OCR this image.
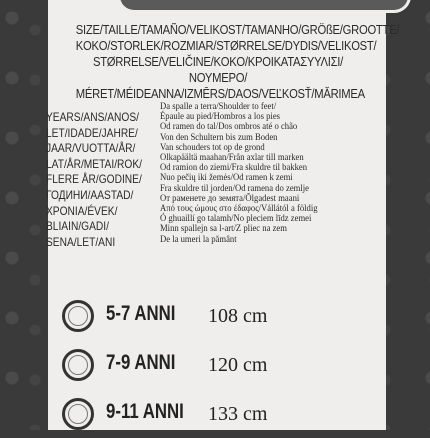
SIZE/TAILLE/TAMAÑO/VELIKOST/TAMANHO/GRÖßE/GROOTTE/
KOKO/STORLEK/ROZMIAR/STØRRELSE/DYDIS/VELIKOST/
STØRRELSE/VELIČINE/KOKO/ΚΡΟΙΚΑΤΑΣΥΥΛΙΣΙ/ΝΟΥΜΕΡΟ/
MÉRET/MÉIDEANNA/IZMĒRS/DAOS/VEĽKOSŤ/MĂRIMEA
YEARS/ANS/ANOS/
LET/IDADE/JAHRE/
JAAR/VUOTTA/ÅR/
LAT/ÅR/METAI/ROK/
FLERE ÅR/GODINE/
ГОДИНИ/AASTAD/
ΧΡΟΝΙΑ/ÉVEK/
BLIAIN/GADI/
SENA/LET/ANI
Da spalle a terra/Shoulder to feet/
Épaule au pied/Hombros a los pies
Od ramen do tal/Dos ombros até o chão
Von den Schultern bis zum Boden
Van schouders tot op de grond
Olkapäältä maahan/Från axlar till marken
Od ramion do ziemi/Fra skuldre til bakken
Nuo pečių iki žemės/Od ramen k zemi
Fra skuldre til jorden/Od ramena do zemlje
От раменете до земята/Õlgadest maani
Από τους ώμους στο έδαφος/Vállától a földig
Ó ghuaillí go talamh/No pleciem līdz zemei
Minn spallejn sa l-art/Z pliec na zem
De la umeri la pământ
5-7 ANNI 108 cm
7-9 ANNI 120 cm
9-11 ANNI 133 cm
